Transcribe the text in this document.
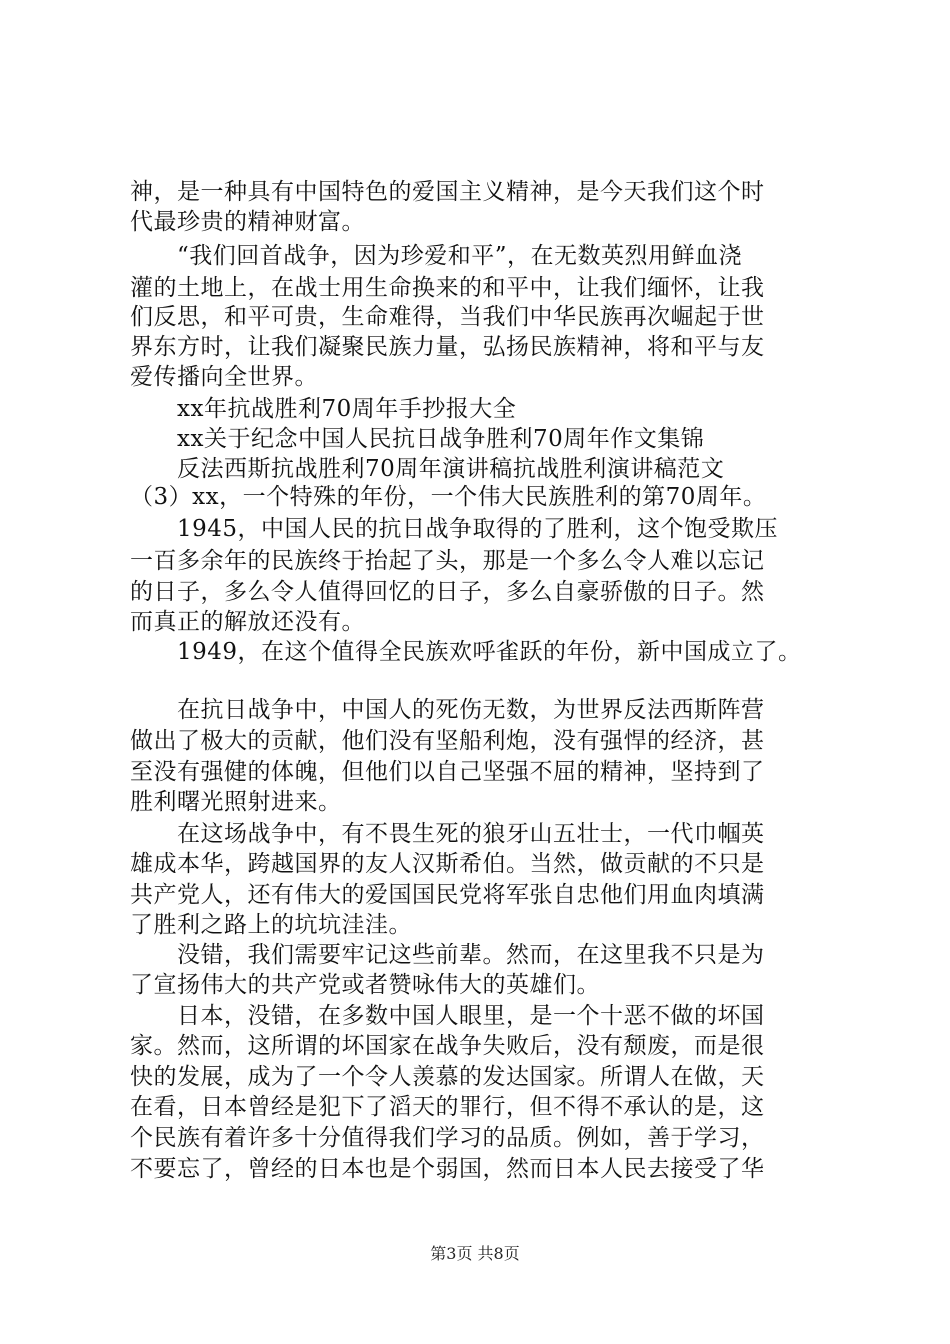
神，是一种具有中国特色的爱国主义精神，是今天我们这个时
代最珍贵的精神财富。
　　“我们回首战争，因为珍爱和平”，在无数英烈用鲜血浇
灌的土地上，在战士用生命换来的和平中，让我们缅怀，让我
们反思，和平可贵，生命难得，当我们中华民族再次崛起于世
界东方时，让我们凝聚民族力量，弘扬民族精神，将和平与友
爱传播向全世界。
　　xx年抗战胜利70周年手抄报大全
　　xx关于纪念中国人民抗日战争胜利70周年作文集锦
　　反法西斯抗战胜利70周年演讲稿抗战胜利演讲稿范文
（3）xx，一个特殊的年份，一个伟大民族胜利的第70周年。
　　1945，中国人民的抗日战争取得的了胜利，这个饱受欺压
一百多余年的民族终于抬起了头，那是一个多么令人难以忘记
的日子，多么令人值得回忆的日子，多么自豪骄傲的日子。然
而真正的解放还没有。
　　1949，在这个值得全民族欢呼雀跃的年份，新中国成立了。
　　在抗日战争中，中国人的死伤无数，为世界反法西斯阵营
做出了极大的贡献，他们没有坚船利炮，没有强悍的经济，甚
至没有强健的体魄，但他们以自己坚强不屈的精神，坚持到了
胜利曙光照射进来。
　　在这场战争中，有不畏生死的狼牙山五壮士，一代巾帼英
雄成本华，跨越国界的友人汉斯希伯。当然，做贡献的不只是
共产党人，还有伟大的爱国国民党将军张自忠他们用血肉填满
了胜利之路上的坑坑洼洼。
　　没错，我们需要牢记这些前辈。然而，在这里我不只是为
了宣扬伟大的共产党或者赞咏伟大的英雄们。
　　日本，没错，在多数中国人眼里，是一个十恶不做的坏国
家。然而，这所谓的坏国家在战争失败后，没有颓废，而是很
快的发展，成为了一个令人羡慕的发达国家。所谓人在做，天
在看，日本曾经是犯下了滔天的罪行，但不得不承认的是，这
个民族有着许多十分值得我们学习的品质。例如，善于学习，
不要忘了，曾经的日本也是个弱国，然而日本人民去接受了华
第3页 共8页
